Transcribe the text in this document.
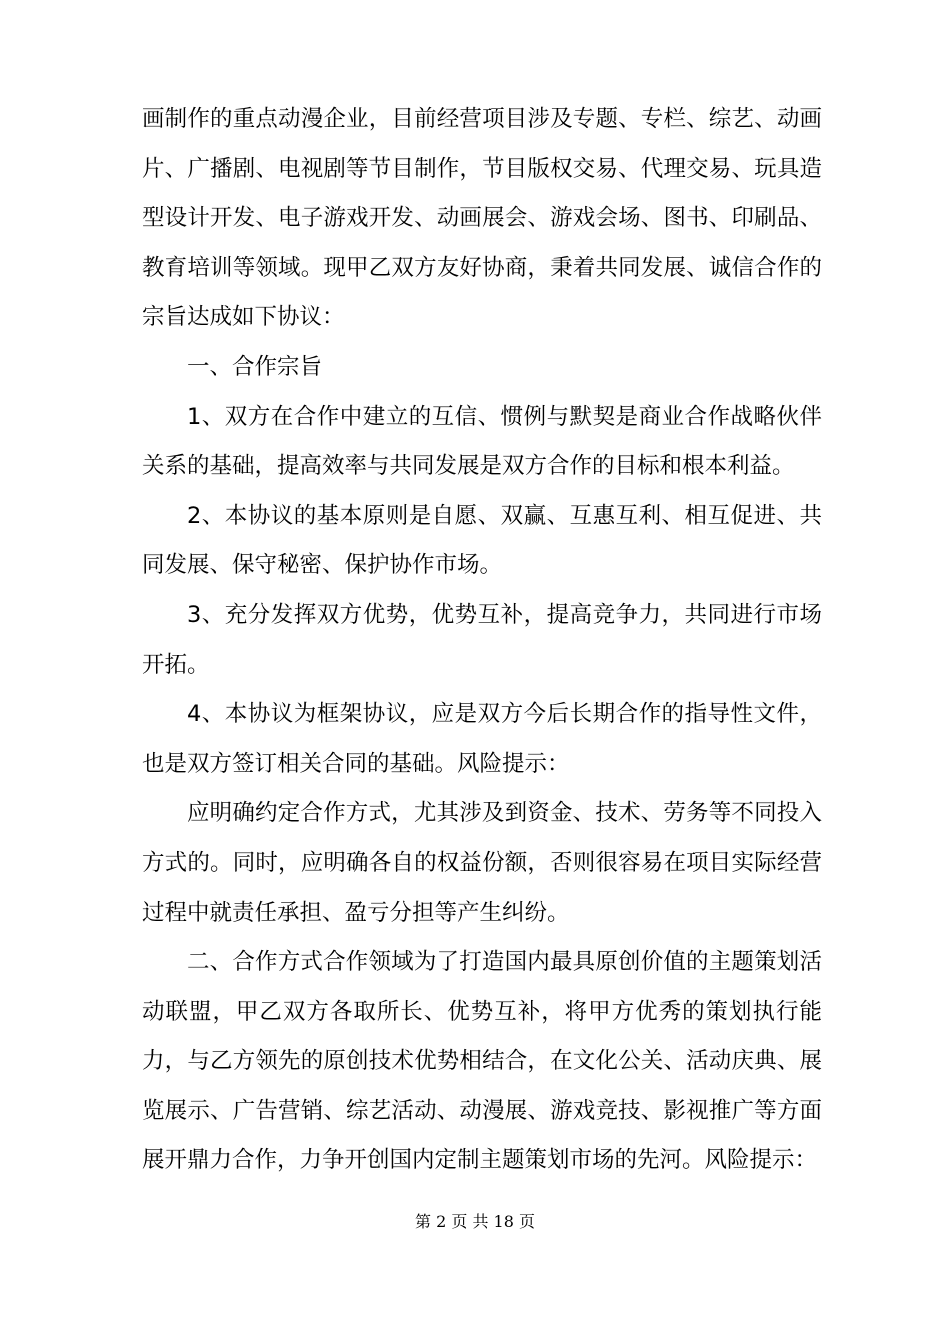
画制作的重点动漫企业，目前经营项目涉及专题、专栏、综艺、动画片、广播剧、电视剧等节目制作，节目版权交易、代理交易、玩具造型设计开发、电子游戏开发、动画展会、游戏会场、图书、印刷品、教育培训等领域。现甲乙双方友好协商，秉着共同发展、诚信合作的宗旨达成如下协议：

一、合作宗旨

1、双方在合作中建立的互信、惯例与默契是商业合作战略伙伴关系的基础，提高效率与共同发展是双方合作的目标和根本利益。

2、本协议的基本原则是自愿、双赢、互惠互利、相互促进、共同发展、保守秘密、保护协作市场。

3、充分发挥双方优势，优势互补，提高竞争力，共同进行市场开拓。

4、本协议为框架协议，应是双方今后长期合作的指导性文件，也是双方签订相关合同的基础。风险提示：

应明确约定合作方式，尤其涉及到资金、技术、劳务等不同投入方式的。同时，应明确各自的权益份额，否则很容易在项目实际经营过程中就责任承担、盈亏分担等产生纠纷。

二、合作方式合作领域为了打造国内最具原创价值的主题策划活动联盟，甲乙双方各取所长、优势互补，将甲方优秀的策划执行能力，与乙方领先的原创技术优势相结合，在文化公关、活动庆典、展览展示、广告营销、综艺活动、动漫展、游戏竞技、影视推广等方面展开鼎力合作，力争开创国内定制主题策划市场的先河。风险提示：

第 2 页 共 18 页
